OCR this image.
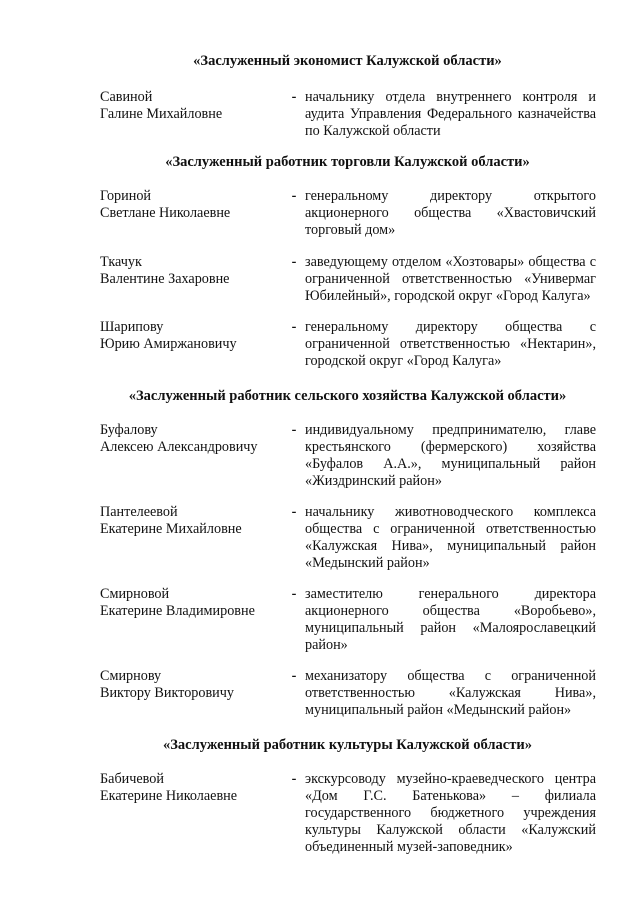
«Заслуженный экономист Калужской области»
Савиной
Галине Михайловне
- начальнику отдела внутреннего контроля и аудита Управления Федерального казначейства по Калужской области
«Заслуженный работник торговли Калужской области»
Гориной
Светлане Николаевне
- генеральному директору открытого акционерного общества «Хвастовичский торговый дом»
Ткачук
Валентине Захаровне
- заведующему отделом «Хозтовары» общества с ограниченной ответственностью «Универмаг Юбилейный», городской округ «Город Калуга»
Шарипову
Юрию Амиржановичу
- генеральному директору общества с ограниченной ответственностью «Нектарин», городской округ «Город Калуга»
«Заслуженный работник сельского хозяйства Калужской области»
Буфалову
Алексею Александровичу
- индивидуальному предпринимателю, главе крестьянского (фермерского) хозяйства «Буфалов А.А.», муниципальный район «Жиздринский район»
Пантелеевой
Екатерине Михайловне
- начальнику животноводческого комплекса общества с ограниченной ответственностью «Калужская Нива», муниципальный район «Медынский район»
Смирновой
Екатерине Владимировне
- заместителю генерального директора акционерного общества «Воробьево», муниципальный район «Малоярославецкий район»
Смирнову
Виктору Викторовичу
- механизатору общества с ограниченной ответственностью «Калужская Нива», муниципальный район «Медынский район»
«Заслуженный работник культуры Калужской области»
Бабичевой
Екатерине Николаевне
- экскурсоводу музейно-краеведческого центра «Дом Г.С. Батенькова» – филиала государственного бюджетного учреждения культуры Калужской области «Калужский объединенный музей-заповедник»
